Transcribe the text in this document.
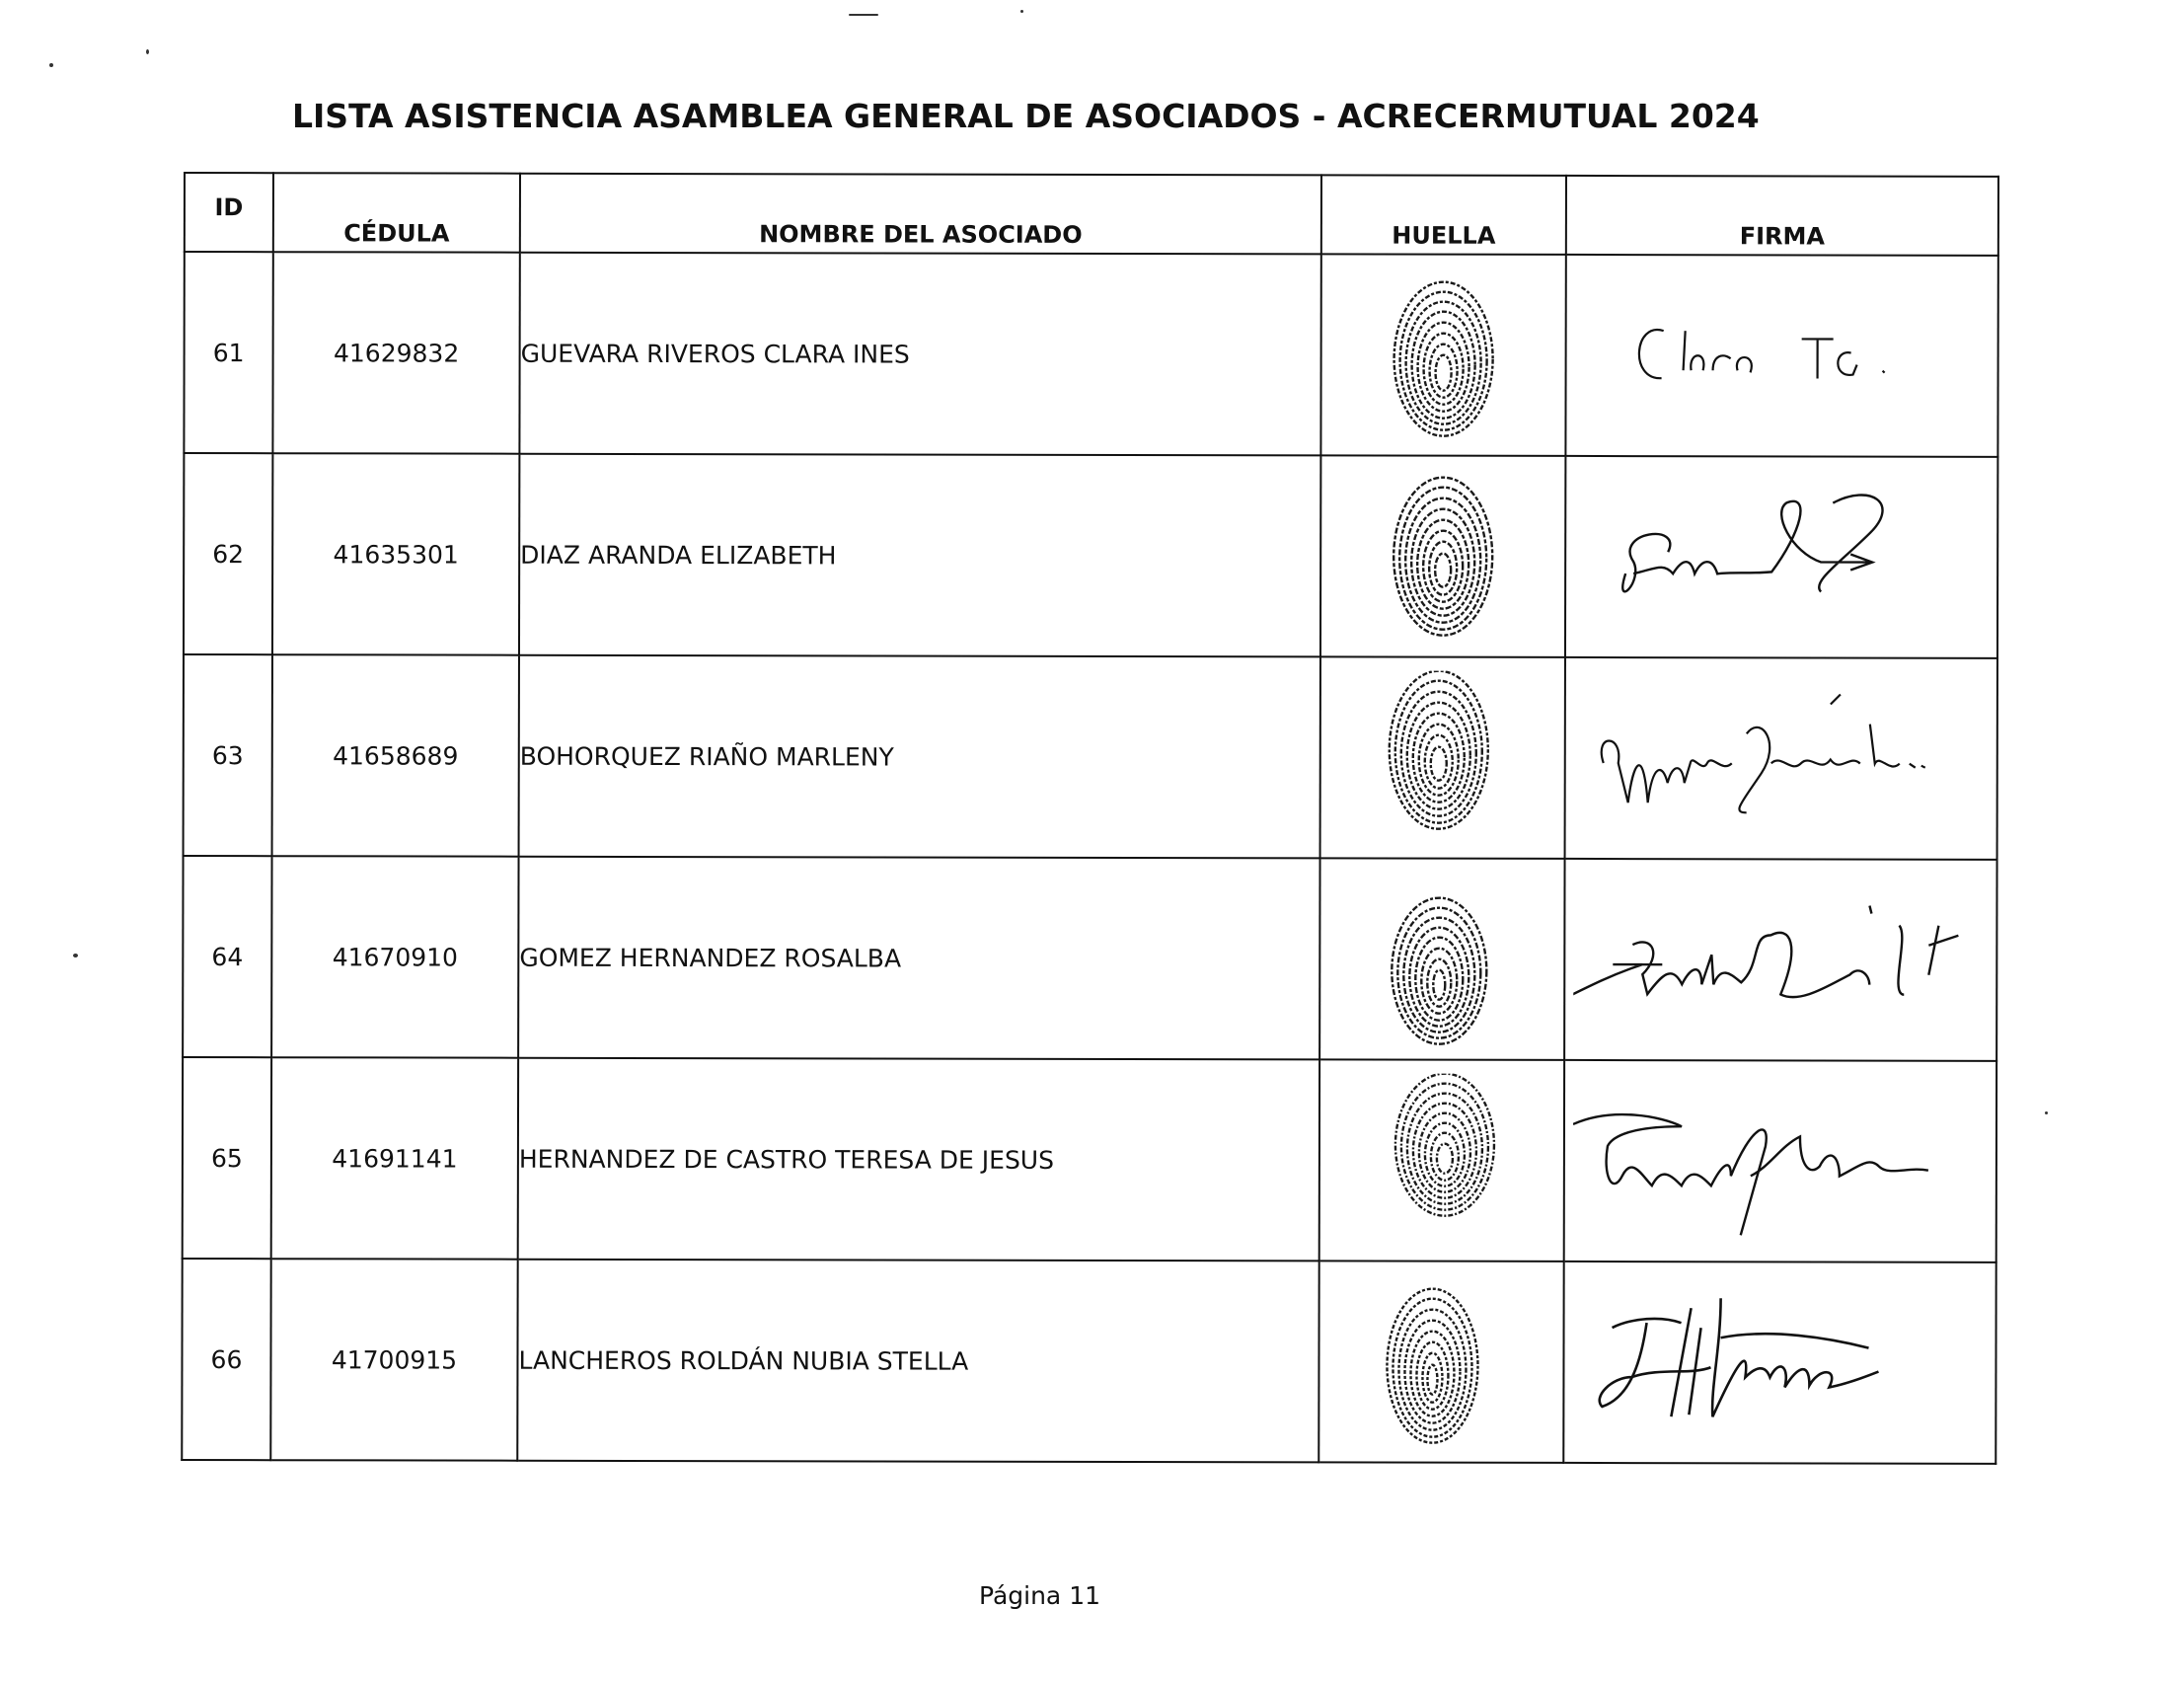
LISTA ASISTENCIA ASAMBLEA GENERAL DE ASOCIADOS - ACRECERMUTUAL 2024
ID	CÉDULA	NOMBRE DEL ASOCIADO	HUELLA	FIRMA
61	41629832	GUEVARA RIVEROS CLARA INES	

62	41635301	DIAZ ARANDA ELIZABETH	

63	41658689	BOHORQUEZ RIAÑO MARLENY	

64	41670910	GOMEZ HERNANDEZ ROSALBA	

65	41691141	HERNANDEZ DE CASTRO TERESA DE JESUS	

66	41700915	LANCHEROS ROLDÁN NUBIA STELLA	

Página 11
